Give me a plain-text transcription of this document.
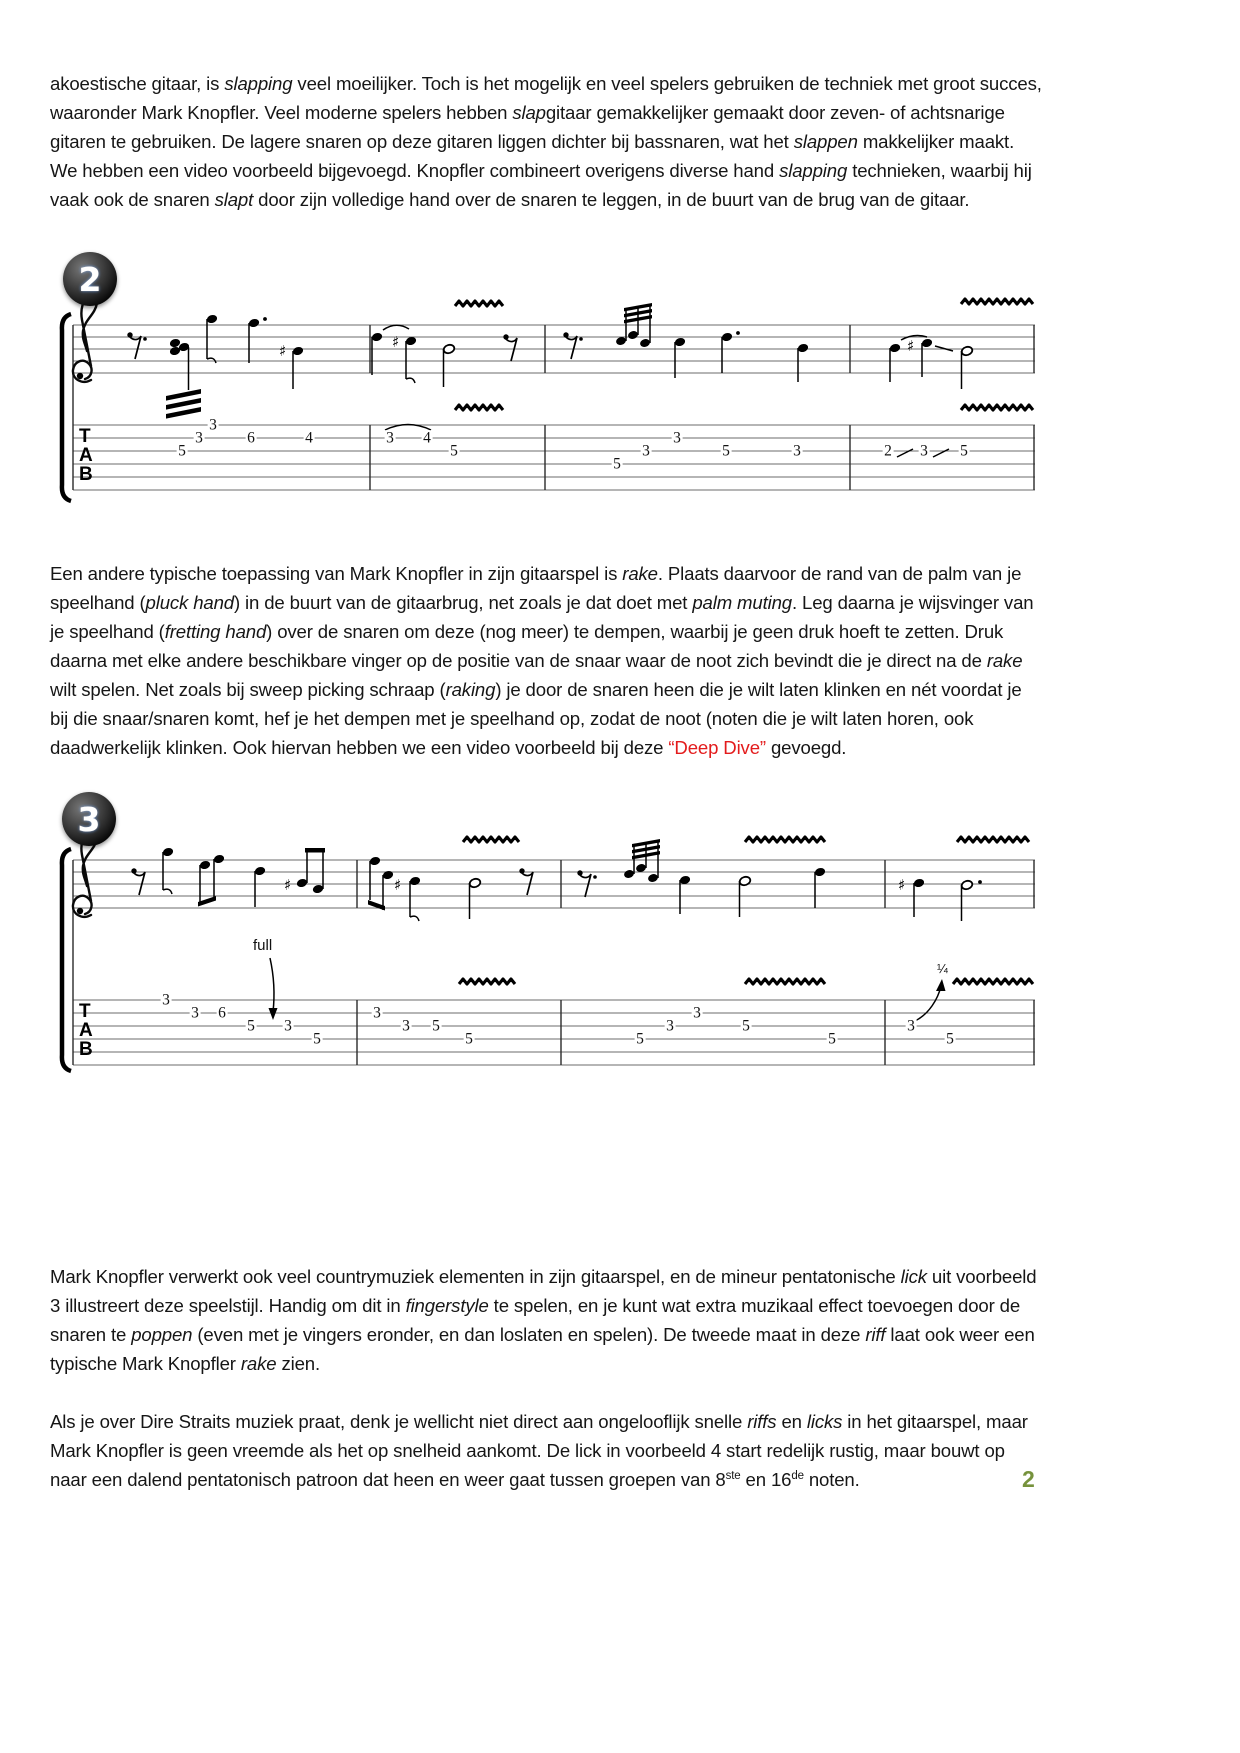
akoestische gitaar, is slapping veel moeilijker. Toch is het mogelijk en veel spelers gebruiken de techniek met groot succes, waaronder Mark Knopfler. Veel moderne spelers hebben slapgitaar gemakkelijker gemaakt door zeven- of achtsnarige gitaren te gebruiken. De lagere snaren op deze gitaren liggen dichter bij bassnaren, wat het slappen makkelijker maakt. We hebben een video voorbeeld bijgevoegd. Knopfler combineert overigens diverse hand slapping technieken, waarbij hij vaak ook de snaren slapt door zijn volledige hand over de snaren te leggen, in de buurt van de brug van de gitaar.

♯	♯	♯
2
T
A
B
3
3	6	4
5
3 4
5
3
3	5	3
5
2 3 5

Een andere typische toepassing van Mark Knopfler in zijn gitaarspel is rake. Plaats daarvoor de rand van de palm van je speelhand (pluck hand) in de buurt van de gitaarbrug, net zoals je dat doet met palm muting. Leg daarna je wijsvinger van je speelhand (fretting hand) over de snaren om deze (nog meer) te dempen, waarbij je geen druk hoeft te zetten. Druk daarna met elke andere beschikbare vinger op de positie van de snaar waar de noot zich bevindt die je direct na de rake wilt spelen. Net zoals bij sweep picking schraap (raking) je door de snaren heen die je wilt laten klinken en nét voordat je bij die snaar/snaren komt, hef je het dempen met je speelhand op, zodat de noot (noten die je wilt laten horen, ook daadwerkelijk klinken. Ook hiervan hebben we een video voorbeeld bij deze “Deep Dive” gevoegd.

♯	♯	♯
3
full
¼
T
A
B
3
3 6
5 3
5
3
3 5
5	5
3
3
5
5
3
5

Mark Knopfler verwerkt ook veel countrymuziek elementen in zijn gitaarspel, en de mineur pentatonische lick uit voorbeeld 3 illustreert deze speelstijl. Handig om dit in fingerstyle te spelen, en je kunt wat extra muzikaal effect toevoegen door de snaren te poppen (even met je vingers eronder, en dan loslaten en spelen). De tweede maat in deze riff laat ook weer een typische Mark Knopfler rake zien.

Als je over Dire Straits muziek praat, denk je wellicht niet direct aan ongelooflijk snelle riffs en licks in het gitaarspel, maar Mark Knopfler is geen vreemde als het op snelheid aankomt. De lick in voorbeeld 4 start redelijk rustig, maar bouwt op naar een dalend pentatonisch patroon dat heen en weer gaat tussen groepen van 8ste en 16de noten.	2
